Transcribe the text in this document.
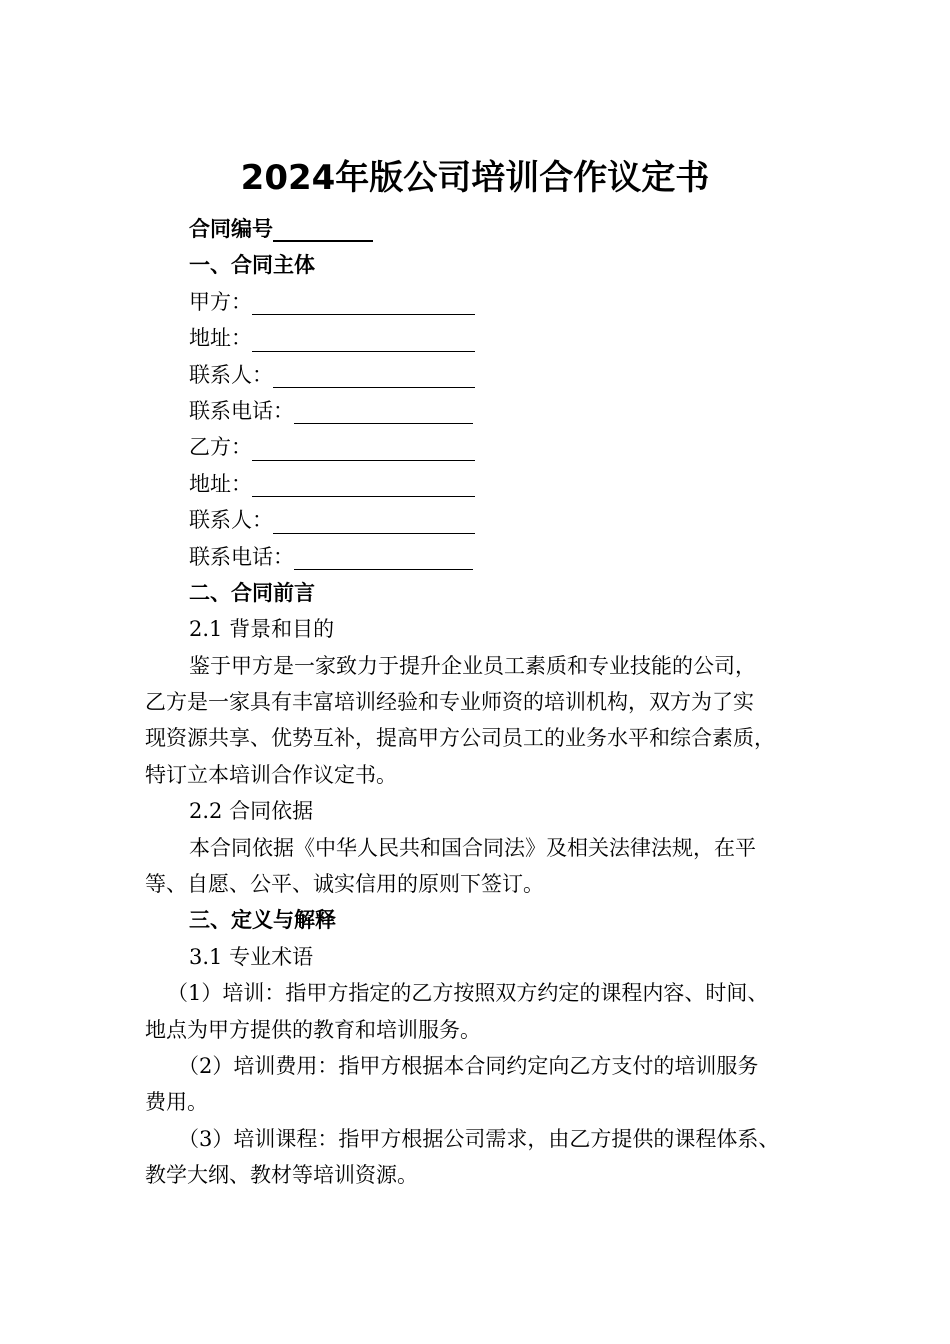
2024年版公司培训合作议定书
合同编号
一、合同主体
甲方：
地址：
联系人：
联系电话：
乙方：
地址：
联系人：
联系电话：
二、合同前言
2.1 背景和目的
鉴于甲方是一家致力于提升企业员工素质和专业技能的公司，
乙方是一家具有丰富培训经验和专业师资的培训机构，双方为了实
现资源共享、优势互补，提高甲方公司员工的业务水平和综合素质，
特订立本培训合作议定书。
2.2 合同依据
本合同依据《中华人民共和国合同法》及相关法律法规，在平
等、自愿、公平、诚实信用的原则下签订。
三、定义与解释
3.1 专业术语
（1）培训：指甲方指定的乙方按照双方约定的课程内容、时间、
地点为甲方提供的教育和培训服务。
（2）培训费用：指甲方根据本合同约定向乙方支付的培训服务
费用。
（3）培训课程：指甲方根据公司需求，由乙方提供的课程体系、
教学大纲、教材等培训资源。
